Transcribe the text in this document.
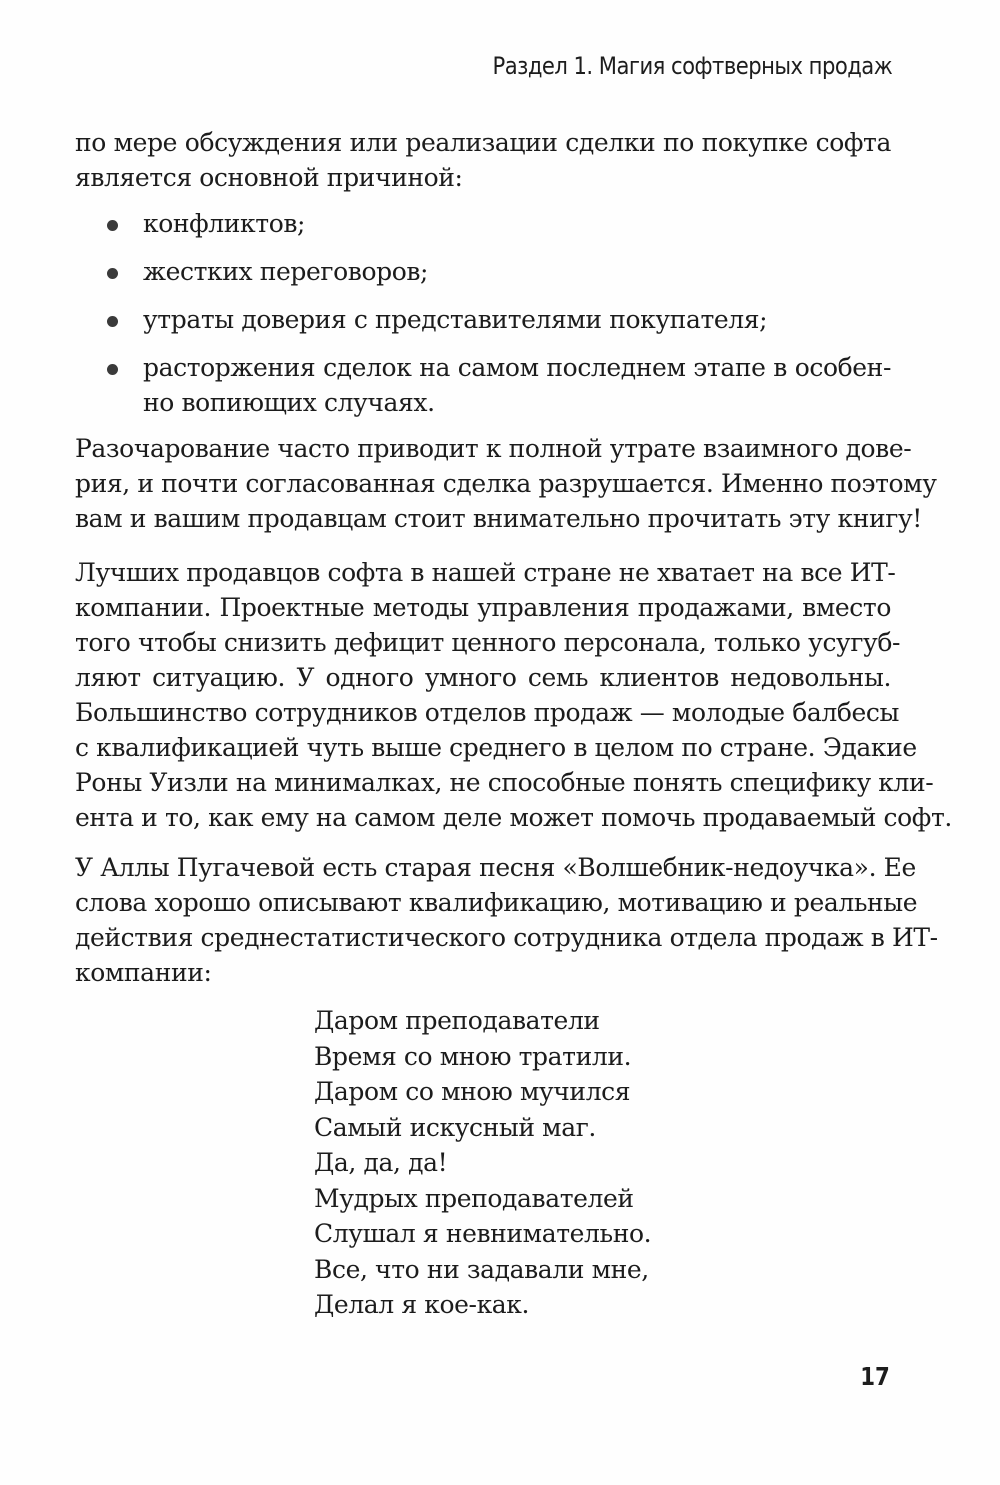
Раздел 1. Магия софтверных продаж
по мере обсуждения или реализации сделки по покупке софта
является основной причиной:
конфликтов;
жестких переговоров;
утраты доверия с представителями покупателя;
расторжения сделок на самом последнем этапе в особен-
но вопиющих случаях.
Разочарование часто приводит к полной утрате взаимного дове-
рия, и почти согласованная сделка разрушается. Именно поэтому
вам и вашим продавцам стоит внимательно прочитать эту книгу!
Лучших продавцов софта в нашей стране не хватает на все ИТ-
компании. Проектные методы управления продажами, вместо
того чтобы снизить дефицит ценного персонала, только усугуб-
ляют ситуацию. У одного умного семь клиентов недовольны.
Большинство сотрудников отделов продаж — молодые балбесы
с квалификацией чуть выше среднего в целом по стране. Эдакие
Роны Уизли на минималках, не способные понять специфику кли-
ента и то, как ему на самом деле может помочь продаваемый софт.
У Аллы Пугачевой есть старая песня «Волшебник-недоучка». Ее
слова хорошо описывают квалификацию, мотивацию и реальные
действия среднестатистического сотрудника отдела продаж в ИТ-
компании:
Даром преподаватели
Время со мною тратили.
Даром со мною мучился
Самый искусный маг.
Да, да, да!
Мудрых преподавателей
Слушал я невнимательно.
Все, что ни задавали мне,
Делал я кое-как.
17
